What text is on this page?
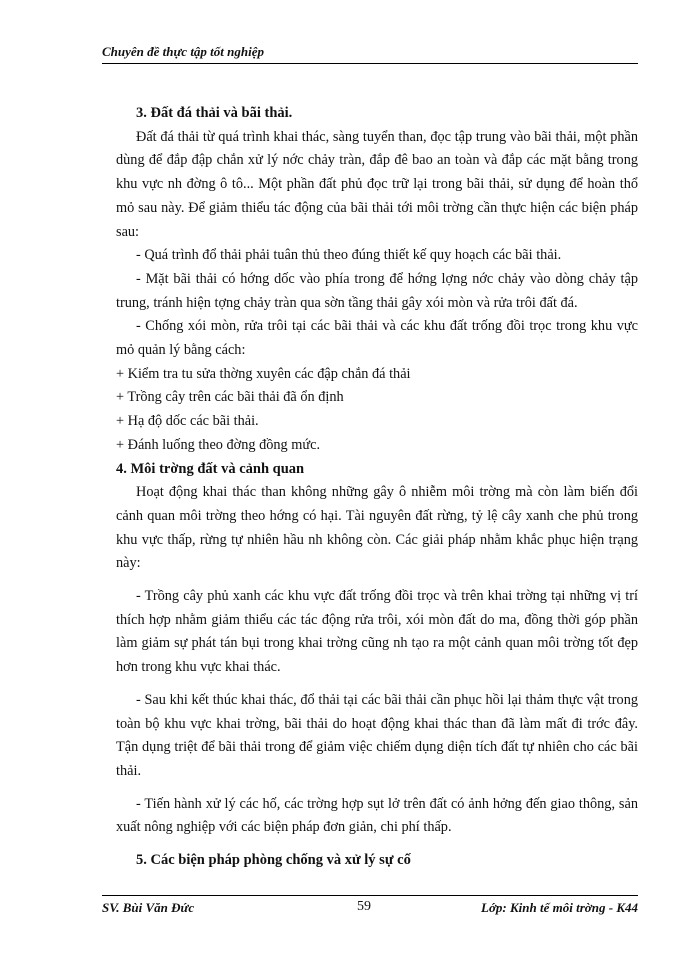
Chuyên đề thực tập tốt nghiệp

3. Đất đá thải và bãi thải.

Đất đá thải từ quá trình khai thác, sàng tuyển than, đọc tập trung vào bãi thải, một phần dùng để đắp đập chắn xử lý nớc chảy tràn, đắp đê bao an toàn và đắp các mặt bằng trong khu vực nh đờng ô tô... Một phần đất phủ đọc trữ lại trong bãi thải, sử dụng để hoàn thổ mỏ sau này. Để giảm thiểu tác động của bãi thải tới môi trờng cần thực hiện các biện pháp sau:

- Quá trình đổ thải phải tuân thủ theo đúng thiết kế quy hoạch các bãi thải.

- Mặt bãi thải có hớng dốc vào phía trong để hớng lợng nớc chảy vào dòng chảy tập trung, tránh hiện tợng chảy tràn qua sờn tầng thải gây xói mòn và rửa trôi đất đá.

- Chống xói mòn, rửa trôi tại các bãi thải và các khu đất trống đồi trọc trong khu vực mỏ quản lý bằng cách:

+ Kiểm tra tu sửa thờng xuyên các đập chắn đá thải

+ Trồng cây trên các bãi thải đã ổn định

+ Hạ độ dốc các bãi thải.

+ Đánh luống theo đờng đồng mức.

4. Môi trờng đất và cảnh quan

Hoạt động khai thác than không những gây ô nhiễm môi trờng mà còn làm biến đổi cảnh quan môi trờng theo hớng có hại. Tài nguyên đất rừng, tỷ lệ cây xanh che phủ trong khu vực thấp, rừng tự nhiên hầu nh không còn. Các giải pháp nhằm khắc phục hiện trạng này:

- Trồng cây phủ xanh các khu vực đất trống đồi trọc và trên khai trờng tại những vị trí thích hợp nhằm giảm thiểu các tác động rửa trôi, xói mòn đất do ma, đồng thời góp phần làm giảm sự phát tán bụi trong khai trờng cũng nh tạo ra một cảnh quan môi trờng tốt đẹp hơn trong khu vực khai thác.

- Sau khi kết thúc khai thác, đổ thải tại các bãi thải cần phục hồi lại thảm thực vật trong toàn bộ khu vực khai trờng, bãi thải do hoạt động khai thác than đã làm mất đi trớc đây. Tận dụng triệt để bãi thải trong để giảm việc chiếm dụng diện tích đất tự nhiên cho các bãi thải.

- Tiến hành xử lý các hố, các trờng hợp sụt lở trên đất có ảnh hởng đến giao thông, sản xuất nông nghiệp với các biện pháp đơn giản, chi phí thấp.

5. Các biện pháp phòng chống và xử lý sự cố

SV. Bùi Văn Đức	59	Lớp: Kinh tế môi trờng - K44
